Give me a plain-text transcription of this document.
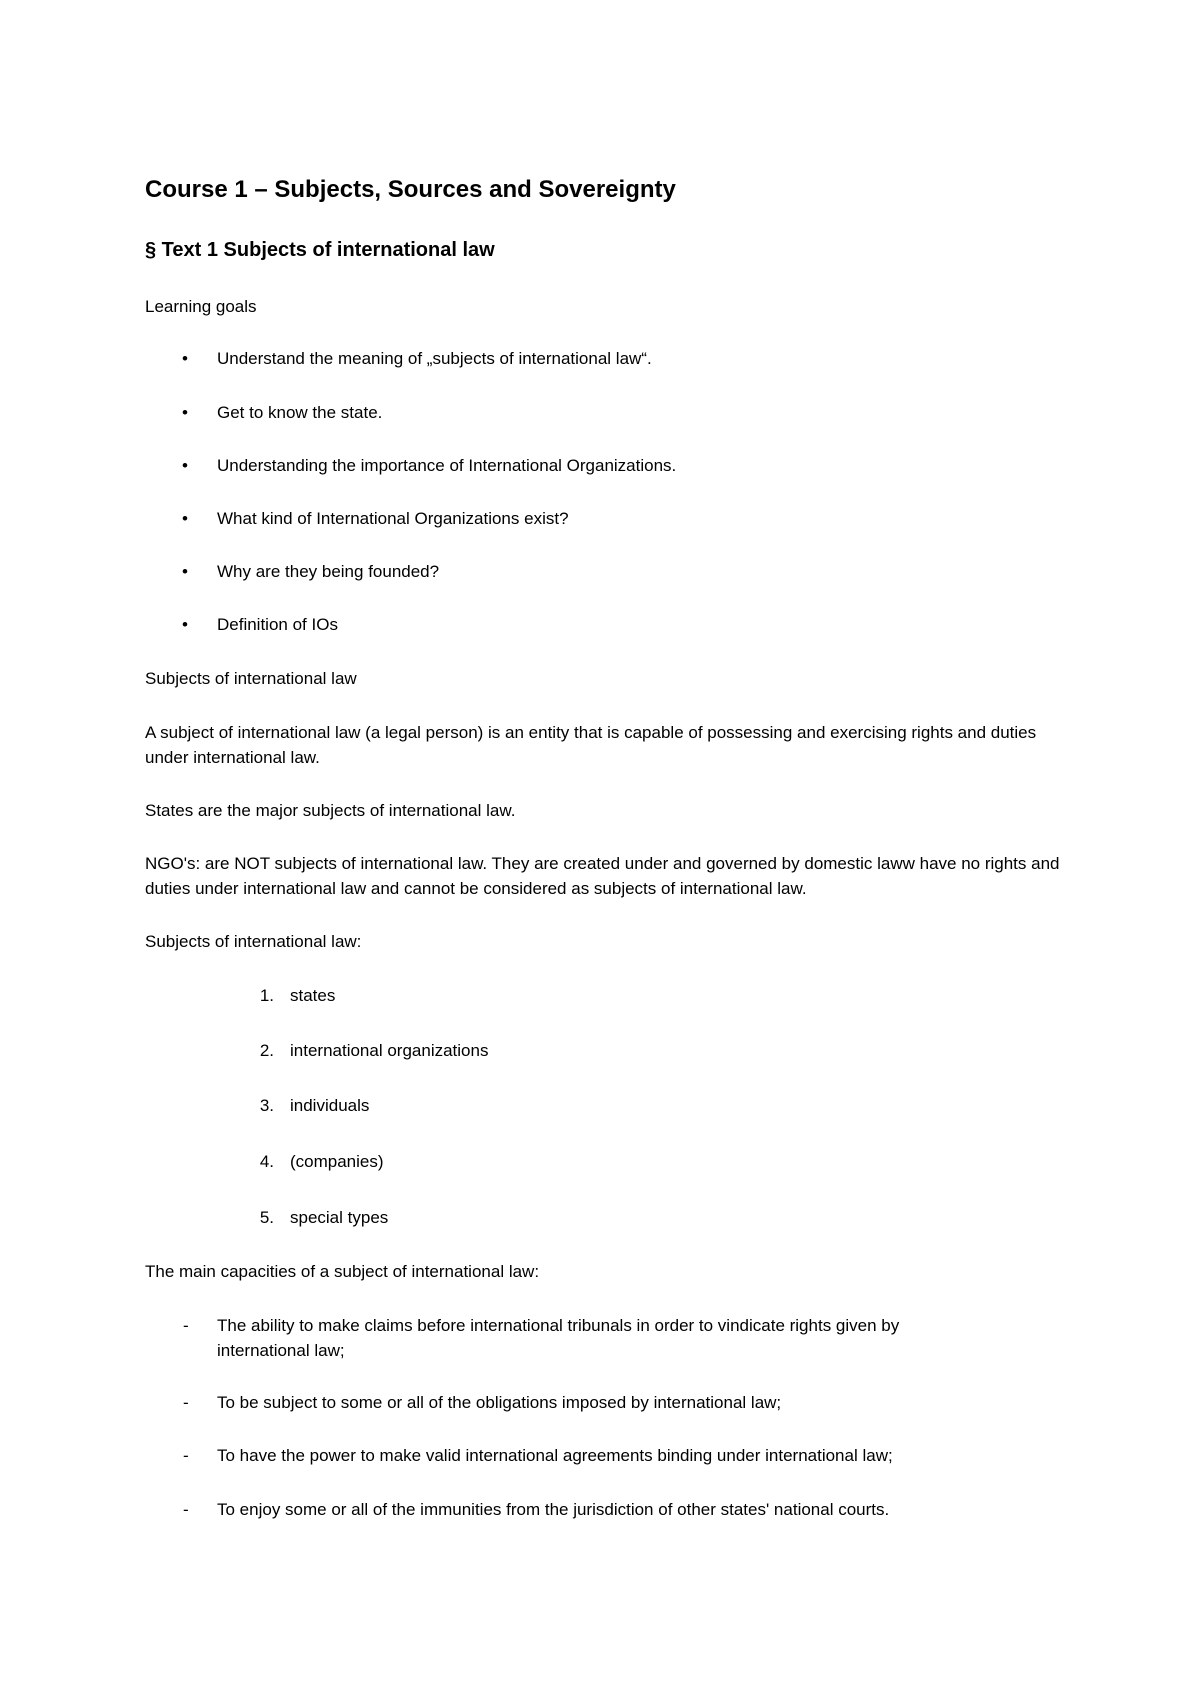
Course 1 – Subjects, Sources and Sovereignty
§ Text 1 Subjects of international law

Learning goals

• Understand the meaning of „subjects of international law“.
• Get to know the state.
• Understanding the importance of International Organizations.
• What kind of International Organizations exist?
• Why are they being founded?
• Definition of IOs

Subjects of international law

A subject of international law (a legal person) is an entity that is capable of possessing and exercising rights and duties under international law.

States are the major subjects of international law.

NGO's: are NOT subjects of international law. They are created under and governed by domestic laww have no rights and duties under international law and cannot be considered as subjects of international law.

Subjects of international law:

1. states
2. international organizations
3. individuals
4. (companies)
5. special types

The main capacities of a subject of international law:

- The ability to make claims before international tribunals in order to vindicate rights given by international law;
- To be subject to some or all of the obligations imposed by international law;
- To have the power to make valid international agreements binding under international law;
- To enjoy some or all of the immunities from the jurisdiction of other states' national courts.
